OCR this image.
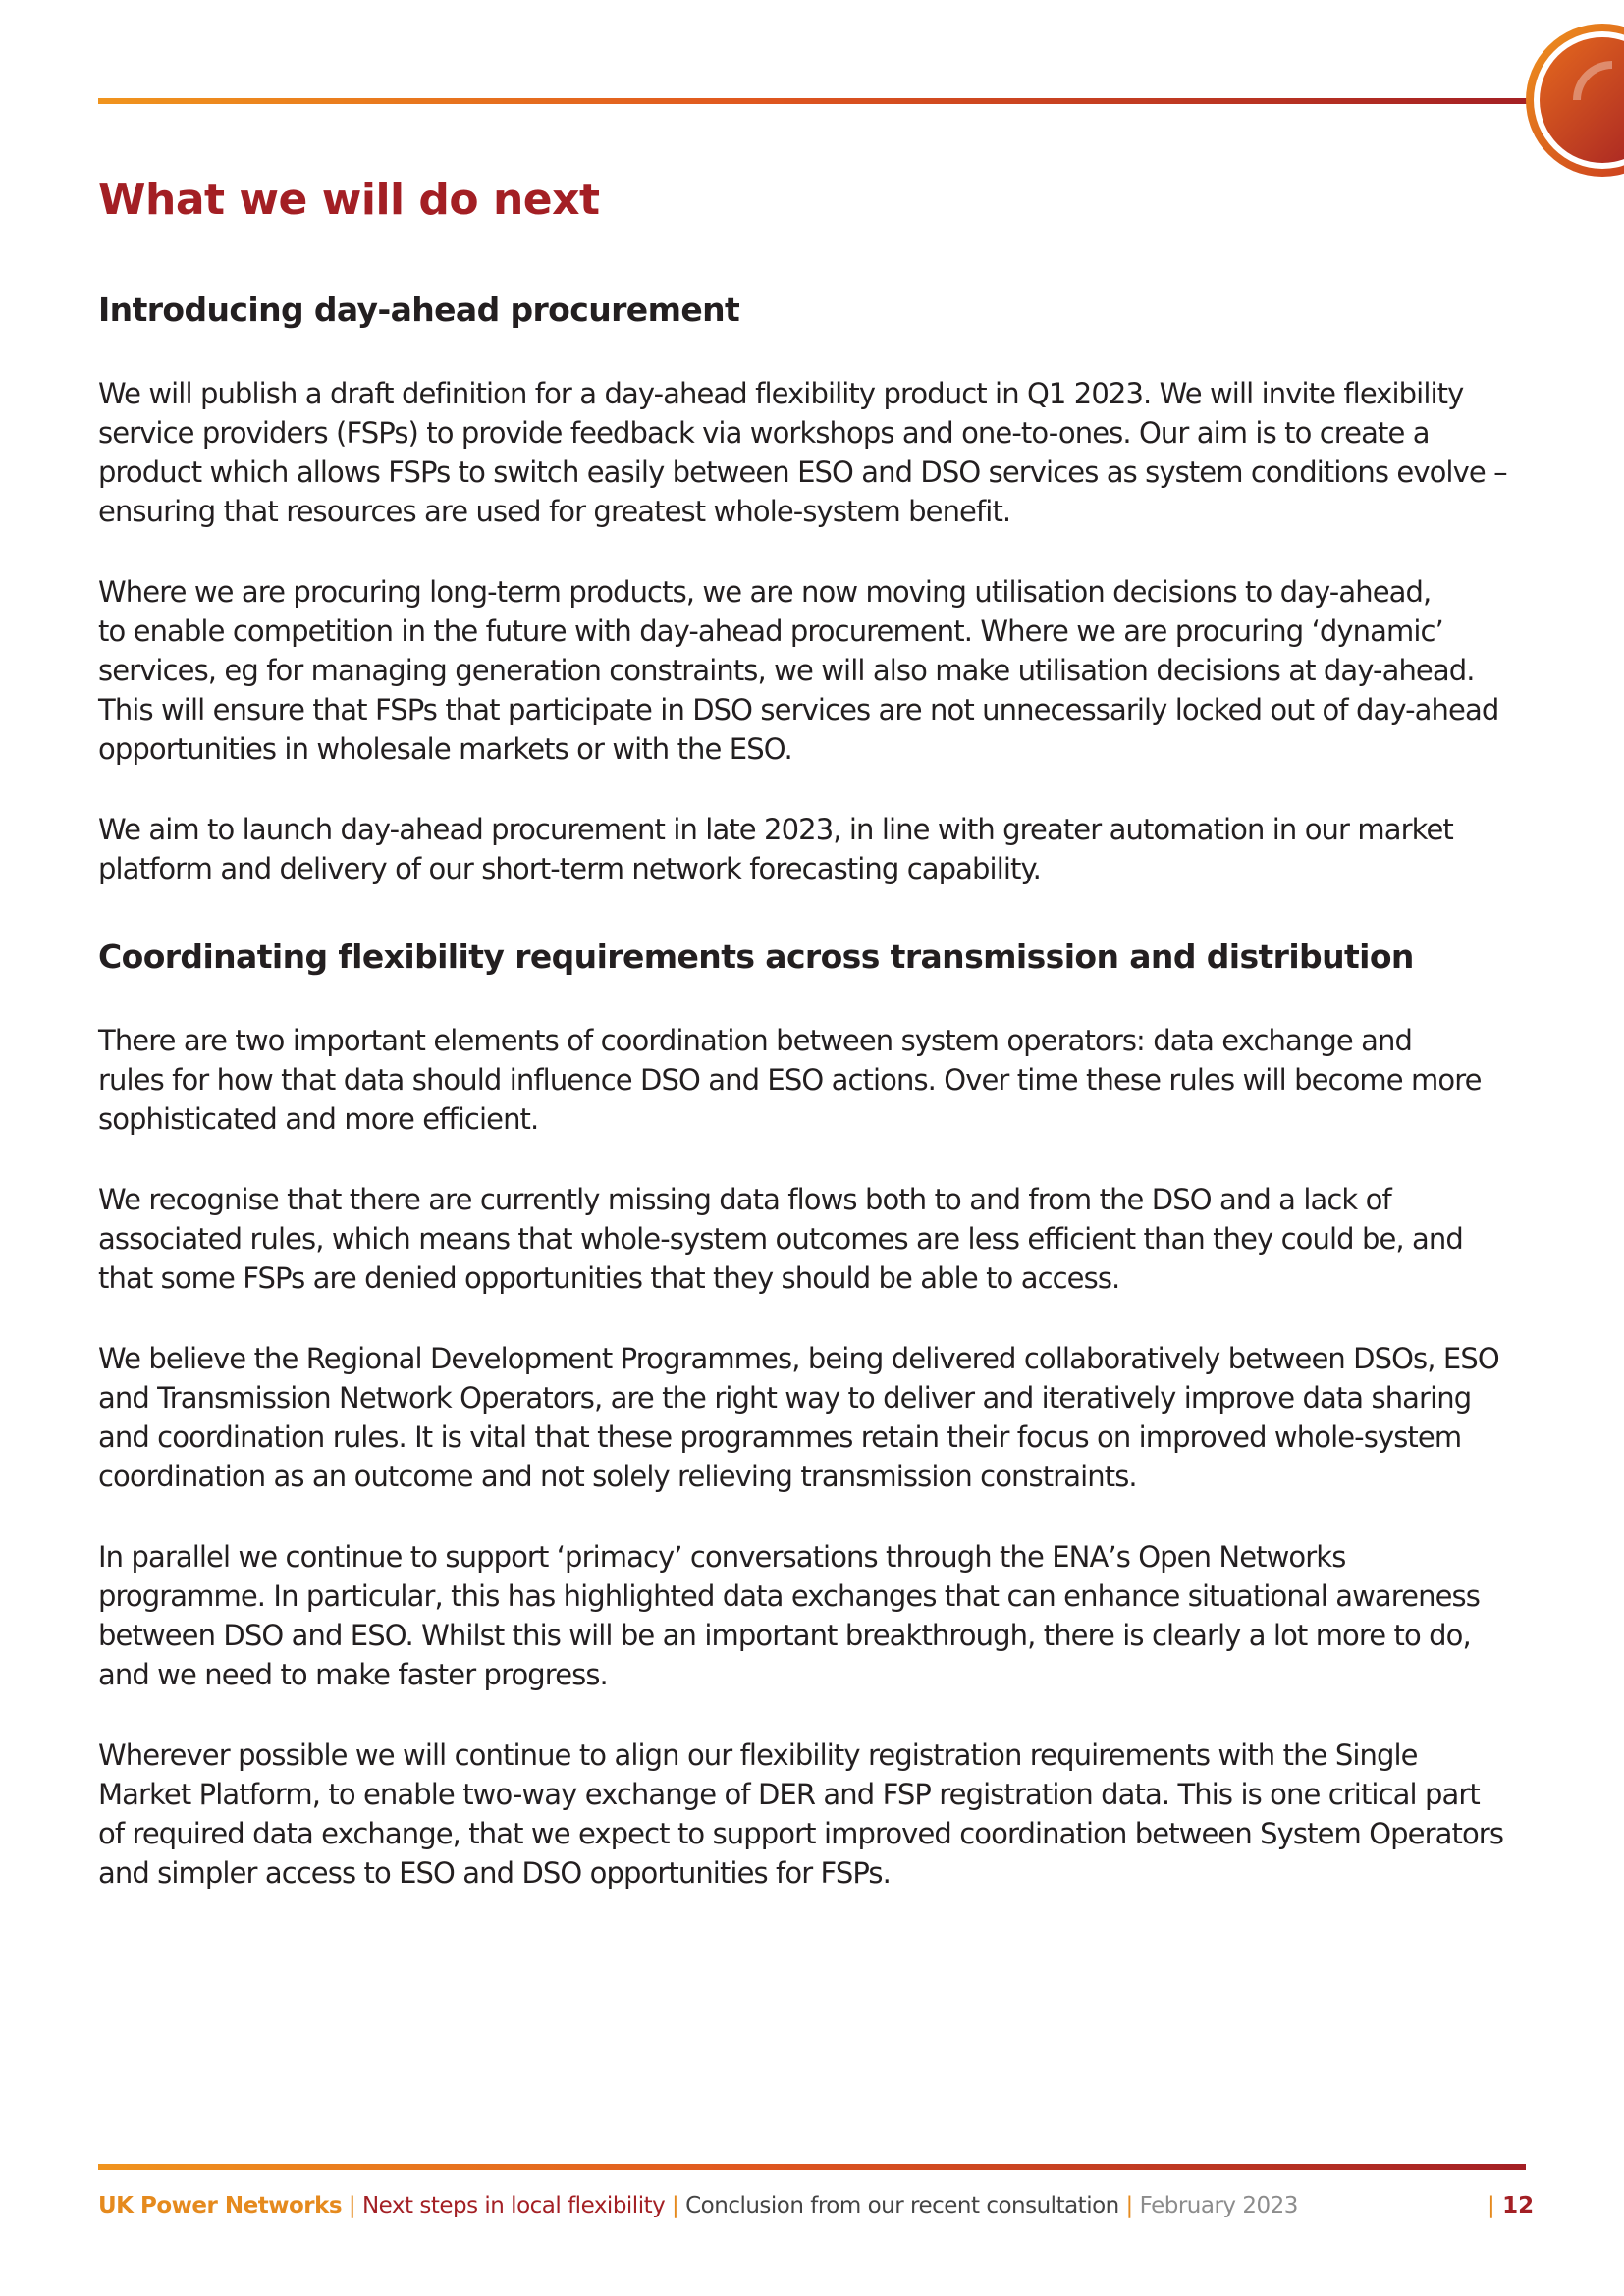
What we will do next
Introducing day-ahead procurement

We will publish a draft definition for a day-ahead flexibility product in Q1 2023. We will invite flexibility
service providers (FSPs) to provide feedback via workshops and one-to-ones. Our aim is to create a
product which allows FSPs to switch easily between ESO and DSO services as system conditions evolve –
ensuring that resources are used for greatest whole-system benefit.

Where we are procuring long-term products, we are now moving utilisation decisions to day-ahead,
to enable competition in the future with day-ahead procurement. Where we are procuring ‘dynamic’
services, eg for managing generation constraints, we will also make utilisation decisions at day-ahead.
This will ensure that FSPs that participate in DSO services are not unnecessarily locked out of day-ahead
opportunities in wholesale markets or with the ESO.

We aim to launch day-ahead procurement in late 2023, in line with greater automation in our market
platform and delivery of our short-term network forecasting capability.

Coordinating flexibility requirements across transmission and distribution

There are two important elements of coordination between system operators: data exchange and
rules for how that data should influence DSO and ESO actions. Over time these rules will become more
sophisticated and more efficient.

We recognise that there are currently missing data flows both to and from the DSO and a lack of
associated rules, which means that whole-system outcomes are less efficient than they could be, and
that some FSPs are denied opportunities that they should be able to access.

We believe the Regional Development Programmes, being delivered collaboratively between DSOs, ESO
and Transmission Network Operators, are the right way to deliver and iteratively improve data sharing
and coordination rules. It is vital that these programmes retain their focus on improved whole-system
coordination as an outcome and not solely relieving transmission constraints.

In parallel we continue to support ‘primacy’ conversations through the ENA’s Open Networks
programme. In particular, this has highlighted data exchanges that can enhance situational awareness
between DSO and ESO. Whilst this will be an important breakthrough, there is clearly a lot more to do,
and we need to make faster progress.

Wherever possible we will continue to align our flexibility registration requirements with the Single
Market Platform, to enable two-way exchange of DER and FSP registration data. This is one critical part
of required data exchange, that we expect to support improved coordination between System Operators
and simpler access to ESO and DSO opportunities for FSPs.

UK Power Networks | Next steps in local flexibility | Conclusion from our recent consultation | February 2023	| 12
